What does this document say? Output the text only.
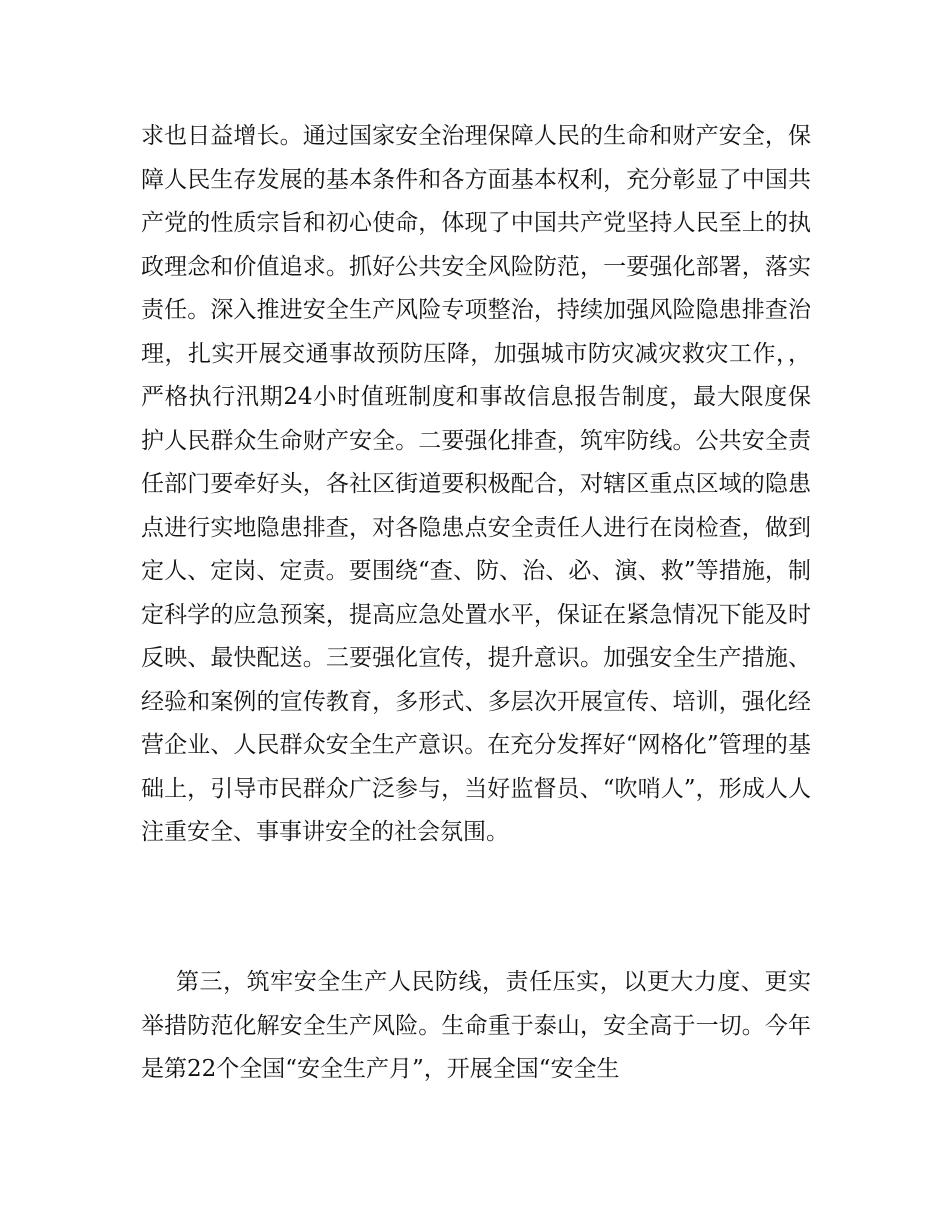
求也日益增长。通过国家安全治理保障人民的生命和财产安全，保障人民生存发展的基本条件和各方面基本权利，充分彰显了中国共产党的性质宗旨和初心使命，体现了中国共产党坚持人民至上的执政理念和价值追求。抓好公共安全风险防范，一要强化部署，落实责任。深入推进安全生产风险专项整治，持续加强风险隐患排查治理，扎实开展交通事故预防压降，加强城市防灾减灾救灾工作，，严格执行汛期24小时值班制度和事故信息报告制度，最大限度保护人民群众生命财产安全。二要强化排查，筑牢防线。公共安全责任部门要牵好头，各社区街道要积极配合，对辖区重点区域的隐患点进行实地隐患排查，对各隐患点安全责任人进行在岗检查，做到定人、定岗、定责。要围绕“查、防、治、必、演、救”等措施，制定科学的应急预案，提高应急处置水平，保证在紧急情况下能及时反映、最快配送。三要强化宣传，提升意识。加强安全生产措施、经验和案例的宣传教育，多形式、多层次开展宣传、培训，强化经营企业、人民群众安全生产意识。在充分发挥好“网格化”管理的基础上，引导市民群众广泛参与，当好监督员、“吹哨人”，形成人人注重安全、事事讲安全的社会氛围。

第三，筑牢安全生产人民防线，责任压实，以更大力度、更实举措防范化解安全生产风险。生命重于泰山，安全高于一切。今年是第22个全国“安全生产月”，开展全国“安全生
